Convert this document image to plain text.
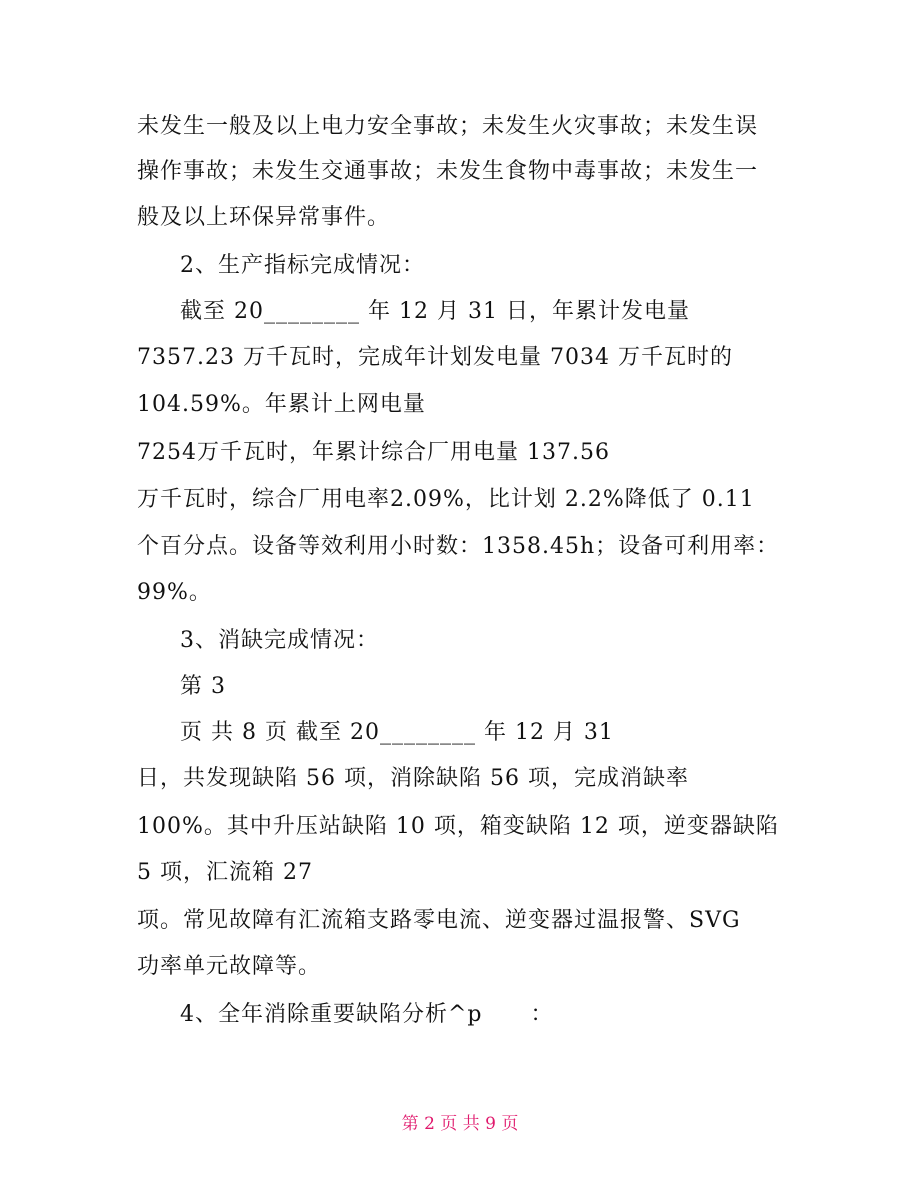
未发生一般及以上电力安全事故；未发生火灾事故；未发生误
操作事故；未发生交通事故；未发生食物中毒事故；未发生一
般及以上环保异常事件。
2、生产指标完成情况：
截至 20________ 年 12 月 31 日，年累计发电量
7357.23 万千瓦时，完成年计划发电量 7034 万千瓦时的
104.59%。年累计上网电量
7254万千瓦时，年累计综合厂用电量 137.56
万千瓦时，综合厂用电率2.09%，比计划 2.2%降低了 0.11
个百分点。设备等效利用小时数：1358.45h；设备可利用率：
99%。
3、消缺完成情况：
第 3
页 共 8 页 截至 20________ 年 12 月 31
日，共发现缺陷 56 项，消除缺陷 56 项，完成消缺率
100%。其中升压站缺陷 10 项，箱变缺陷 12 项，逆变器缺陷
5 项，汇流箱 27
项。常见故障有汇流箱支路零电流、逆变器过温报警、SVG
功率单元故障等。
4、全年消除重要缺陷分析^p      ：
第 2 页 共 9 页
